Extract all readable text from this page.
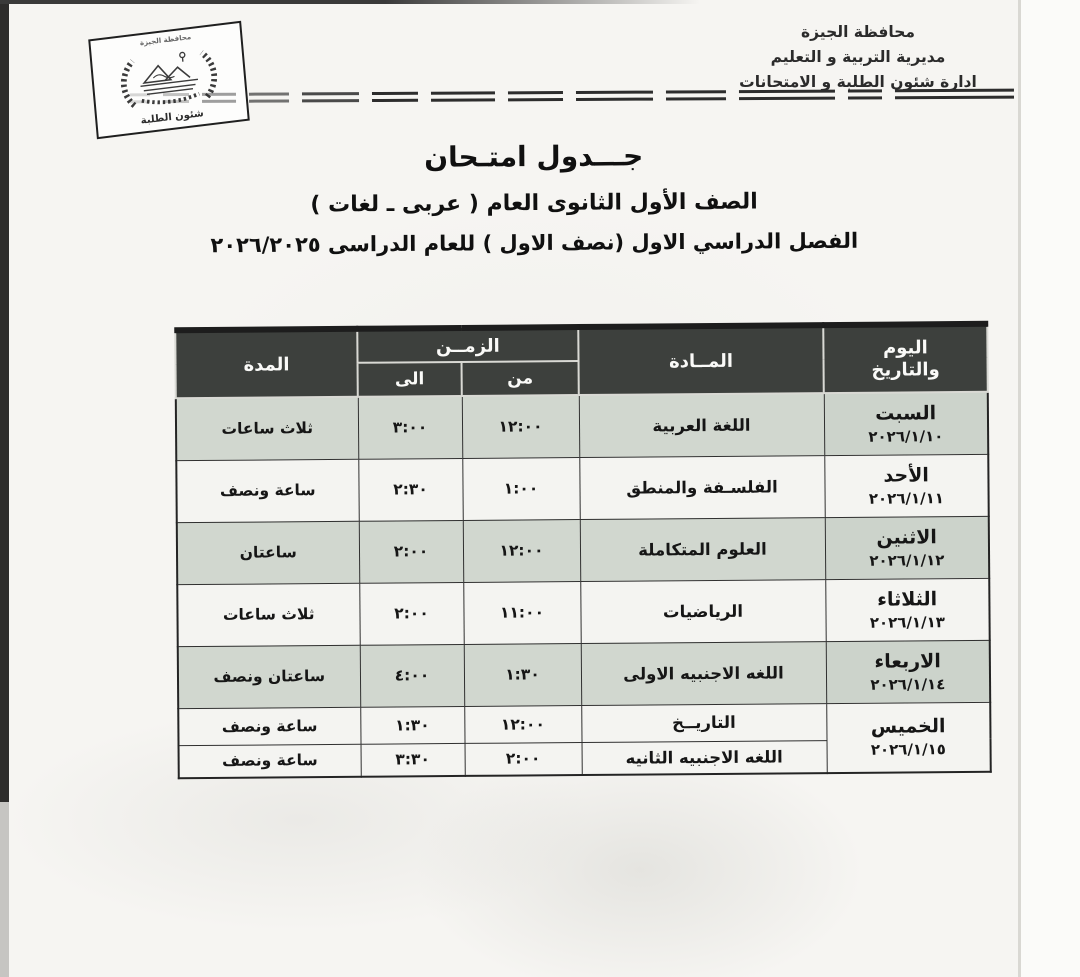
محافظة الجيزة
شئون الطلبة
محافظة الجيزة
مديرية التربية و التعليم
ادارة شئون الطلبة و الامتحانات
جـــدول امتـحان
الصف الأول الثانوى العام ( عربى ـ لغات )
الفصل الدراسي الاول (نصف الاول ) للعام الدراسى ٢٠٢٦/٢٠٢٥
اليوم
والتاريخ	المــادة	الزمــن		المدة
		من	الى	

السبت
٢٠٢٦/١/١٠	اللغة العربية	١٢:٠٠	٣:٠٠	ثلاث ساعات

الأحد
٢٠٢٦/١/١١	الفلسـفة والمنطق	١:٠٠	٢:٣٠	ساعة ونصف

الاثنين
٢٠٢٦/١/١٢	العلوم المتكاملة	١٢:٠٠	٢:٠٠	ساعتان

الثلاثاء
٢٠٢٦/١/١٣	الرياضيات	١١:٠٠	٢:٠٠	ثلاث ساعات

الاربعاء
٢٠٢٦/١/١٤	اللغه الاجنبيه الاولى	١:٣٠	٤:٠٠	ساعتان ونصف

الخميس
٢٠٢٦/١/١٥	التاريــخ	١٢:٠٠	١:٣٠	ساعة ونصف
	اللغه الاجنبيه الثانيه	٢:٠٠	٣:٣٠	ساعة ونصف
